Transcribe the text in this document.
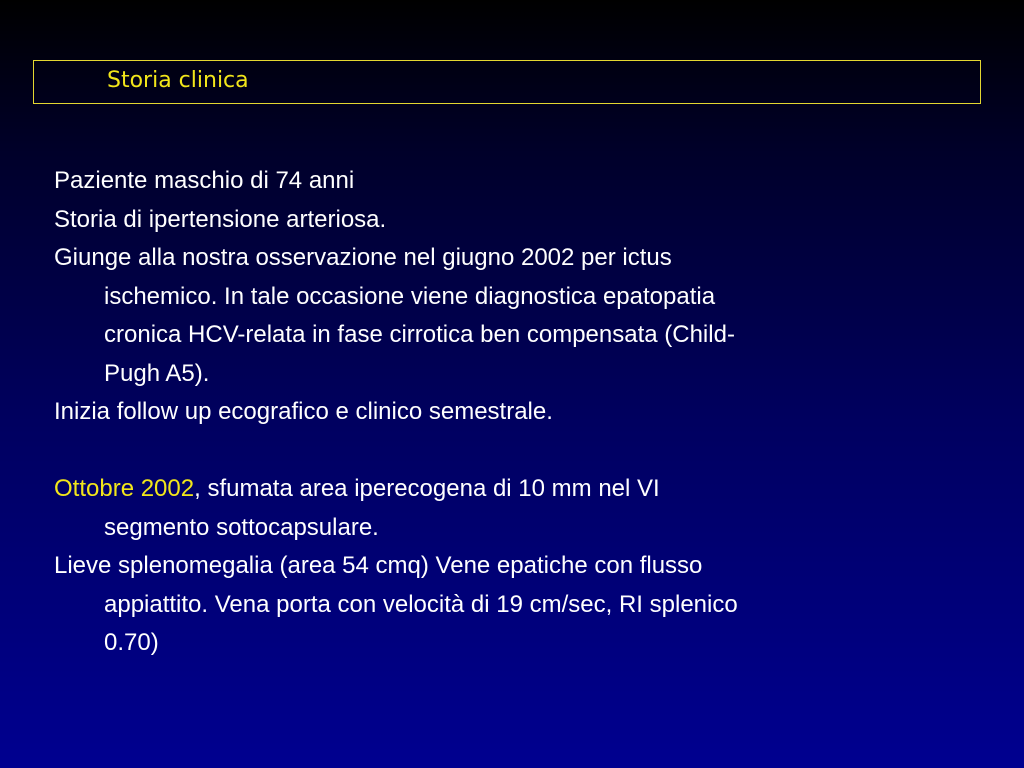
Storia clinica

Paziente maschio di 74 anni

Storia di ipertensione arteriosa.

Giunge alla nostra osservazione nel giugno 2002 per ictus
ischemico. In tale occasione viene diagnostica epatopatia
cronica HCV-relata in fase cirrotica ben compensata (Child-
Pugh A5).

Inizia follow up ecografico e clinico semestrale.

Ottobre 2002, sfumata area iperecogena di 10 mm nel VI
segmento sottocapsulare.

Lieve splenomegalia (area 54 cmq) Vene epatiche con flusso
appiattito. Vena porta con velocità di 19 cm/sec, RI splenico
0.70)
